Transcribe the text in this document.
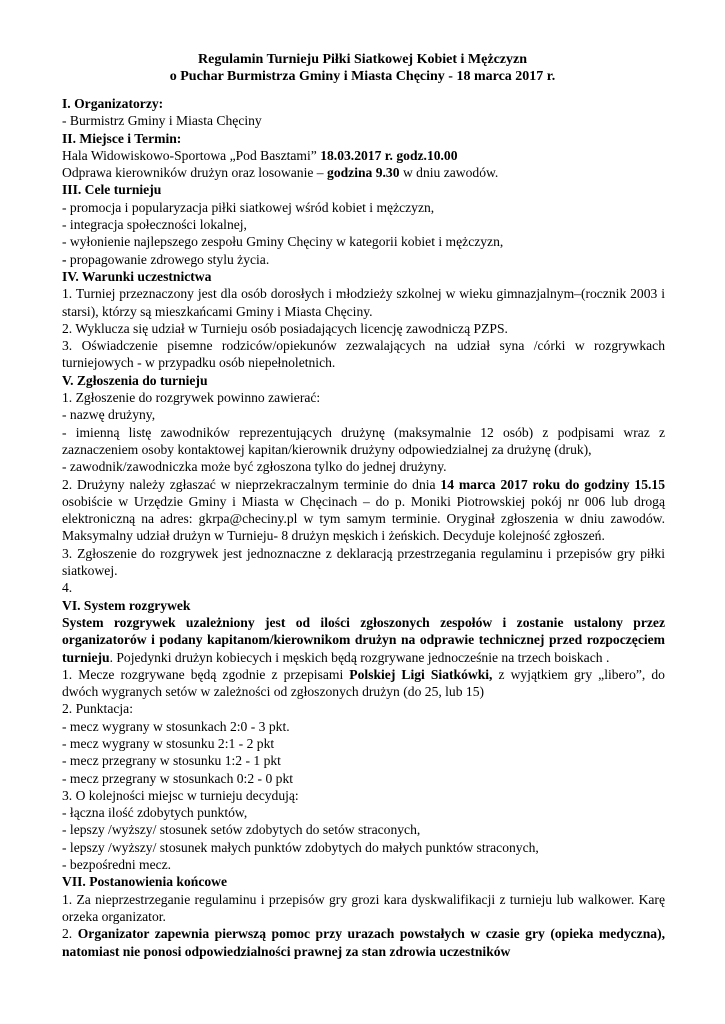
Regulamin Turnieju Piłki Siatkowej Kobiet i Mężczyzn
o Puchar Burmistrza Gminy i Miasta Chęciny - 18 marca 2017 r.

I. Organizatorzy:

- Burmistrz Gminy i Miasta Chęciny

II. Miejsce i Termin:

Hala Widowiskowo-Sportowa „Pod Basztami” 18.03.2017 r. godz.10.00

Odprawa kierowników drużyn oraz losowanie – godzina 9.30 w dniu zawodów.

III. Cele turnieju

- promocja i popularyzacja piłki siatkowej wśród kobiet i mężczyzn,

- integracja społeczności lokalnej,

- wyłonienie najlepszego zespołu Gminy Chęciny w kategorii kobiet i mężczyzn,

- propagowanie zdrowego stylu życia.

IV. Warunki uczestnictwa

1. Turniej przeznaczony jest dla osób dorosłych i młodzieży szkolnej w wieku gimnazjalnym–(rocznik 2003 i starsi), którzy są mieszkańcami Gminy i Miasta Chęciny.

2. Wyklucza się udział w Turnieju osób posiadających licencję zawodniczą PZPS.

3. Oświadczenie pisemne rodziców/opiekunów zezwalających na udział syna /córki w rozgrywkach turniejowych - w przypadku osób niepełnoletnich.

V. Zgłoszenia do turnieju

1. Zgłoszenie do rozgrywek powinno zawierać:

- nazwę drużyny,

- imienną listę zawodników reprezentujących drużynę (maksymalnie 12 osób) z podpisami wraz z zaznaczeniem osoby kontaktowej kapitan/kierownik drużyny odpowiedzialnej za drużynę (druk),

- zawodnik/zawodniczka może być zgłoszona tylko do jednej drużyny.

2. Drużyny należy zgłaszać w nieprzekraczalnym terminie do dnia 14 marca 2017 roku do godziny 15.15 osobiście w Urzędzie Gminy i Miasta w Chęcinach – do p. Moniki Piotrowskiej pokój nr 006 lub drogą elektroniczną na adres: gkrpa@checiny.pl w tym samym terminie. Oryginał zgłoszenia w dniu zawodów. Maksymalny udział drużyn w Turnieju- 8 drużyn męskich i żeńskich. Decyduje kolejność zgłoszeń.

3. Zgłoszenie do rozgrywek jest jednoznaczne z deklaracją przestrzegania regulaminu i przepisów gry piłki siatkowej.

4.

VI. System rozgrywek

System rozgrywek uzależniony jest od ilości zgłoszonych zespołów i zostanie ustalony przez organizatorów i podany kapitanom/kierownikom drużyn na odprawie technicznej przed rozpoczęciem turnieju. Pojedynki drużyn kobiecych i męskich będą rozgrywane jednocześnie na trzech boiskach .

1. Mecze rozgrywane będą zgodnie z przepisami Polskiej Ligi Siatkówki, z wyjątkiem gry „libero”, do dwóch wygranych setów w zależności od zgłoszonych drużyn (do 25, lub 15)

2. Punktacja:

- mecz wygrany w stosunkach 2:0 - 3 pkt.

- mecz wygrany w stosunku 2:1 - 2 pkt

- mecz przegrany w stosunku 1:2 - 1 pkt

- mecz przegrany w stosunkach 0:2 - 0 pkt

3. O kolejności miejsc w turnieju decydują:

- łączna ilość zdobytych punktów,

- lepszy /wyższy/ stosunek setów zdobytych do setów straconych,

- lepszy /wyższy/ stosunek małych punktów zdobytych do małych punktów straconych,

- bezpośredni mecz.

VII. Postanowienia końcowe

1. Za nieprzestrzeganie regulaminu i przepisów gry grozi kara dyskwalifikacji z turnieju lub walkower. Karę orzeka organizator.

2. Organizator zapewnia pierwszą pomoc przy urazach powstałych w czasie gry (opieka medyczna), natomiast nie ponosi odpowiedzialności prawnej za stan zdrowia uczestników
